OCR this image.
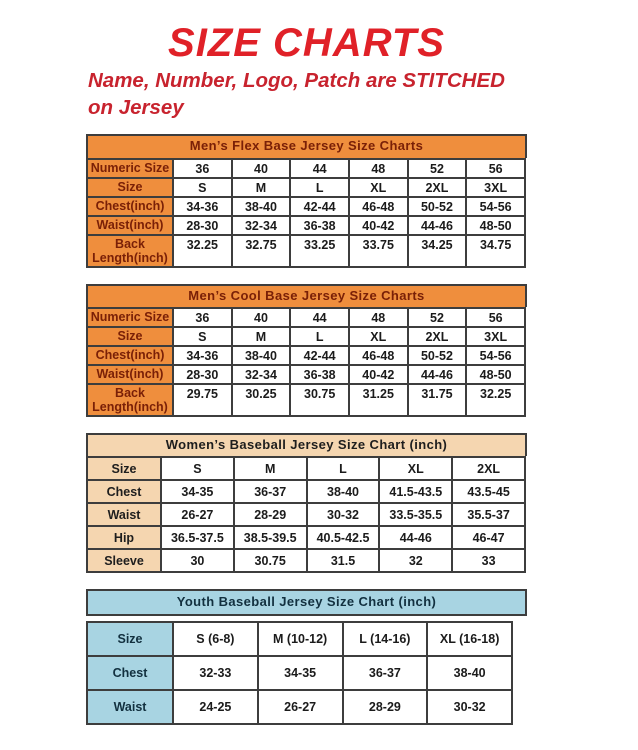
SIZE CHARTS

Name, Number, Logo, Patch are STITCHED
on Jersey

Men’s Flex Base Jersey Size Charts
Numeric Size	36	40	44	48	52	56
Size	S	M	L	XL	2XL	3XL
Chest(inch)	34-36	38-40	42-44	46-48	50-52	54-56
Waist(inch)	28-30	32-34	36-38	40-42	44-46	48-50
Back Length(inch)	32.25	32.75	33.25	33.75	34.25	34.75
Men’s Cool Base Jersey Size Charts
Numeric Size	36	40	44	48	52	56
Size	S	M	L	XL	2XL	3XL
Chest(inch)	34-36	38-40	42-44	46-48	50-52	54-56
Waist(inch)	28-30	32-34	36-38	40-42	44-46	48-50
Back Length(inch)	29.75	30.25	30.75	31.25	31.75	32.25
Women’s Baseball Jersey Size Chart (inch)
Size	S	M	L	XL	2XL
Chest	34-35	36-37	38-40	41.5-43.5	43.5-45
Waist	26-27	28-29	30-32	33.5-35.5	35.5-37
Hip	36.5-37.5	38.5-39.5	40.5-42.5	44-46	46-47
Sleeve	30	30.75	31.5	32	33
Youth Baseball Jersey Size Chart (inch)
Size	S (6-8)	M (10-12)	L (14-16)	XL (16-18)
Chest	32-33	34-35	36-37	38-40
Waist	24-25	26-27	28-29	30-32
